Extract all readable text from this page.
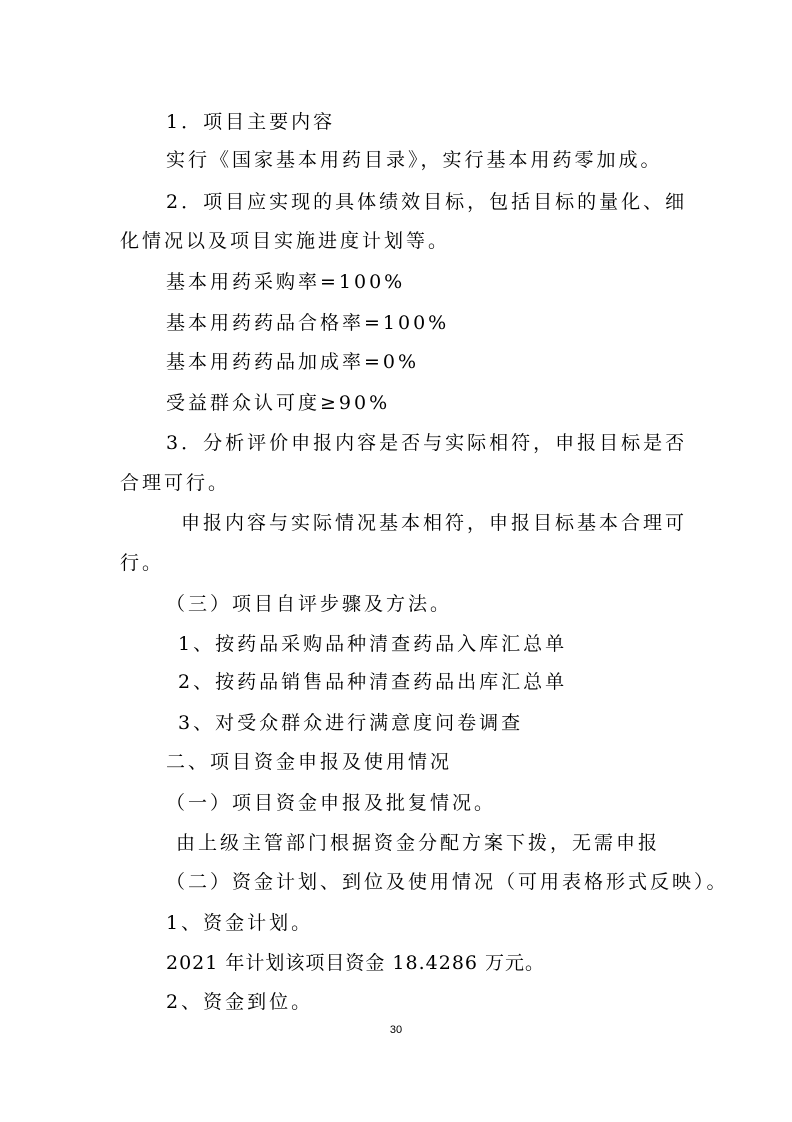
1．项目主要内容
实行《国家基本用药目录》，实行基本用药零加成。
2．项目应实现的具体绩效目标，包括目标的量化、细
化情况以及项目实施进度计划等。
基本用药采购率=100%
基本用药药品合格率=100%
基本用药药品加成率=0%
受益群众认可度≥90%
3．分析评价申报内容是否与实际相符，申报目标是否
合理可行。
申报内容与实际情况基本相符，申报目标基本合理可
行。
（三）项目自评步骤及方法。
1、按药品采购品种清查药品入库汇总单
2、按药品销售品种清查药品出库汇总单
3、对受众群众进行满意度问卷调查
二、项目资金申报及使用情况
（一）项目资金申报及批复情况。
由上级主管部门根据资金分配方案下拨，无需申报
（二）资金计划、到位及使用情况（可用表格形式反映）。
1、资金计划。
2021 年计划该项目资金 18.4286 万元。
2、资金到位。
30
